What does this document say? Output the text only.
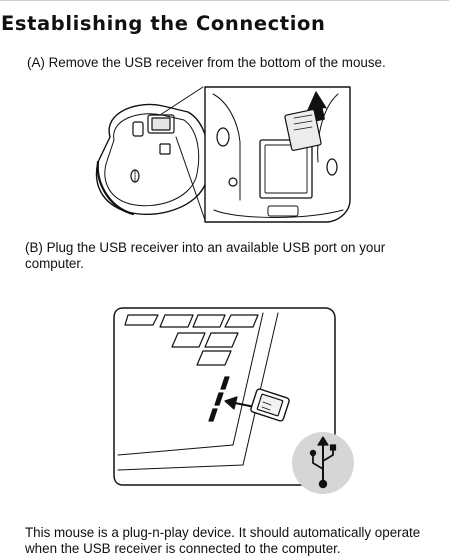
Establishing the Connection

(A) Remove the USB receiver from the bottom of the mouse.

(B) Plug the USB receiver into an available USB port on your computer.

This mouse is a plug-n-play device. It should automatically operate when the USB receiver is connected to the computer.
